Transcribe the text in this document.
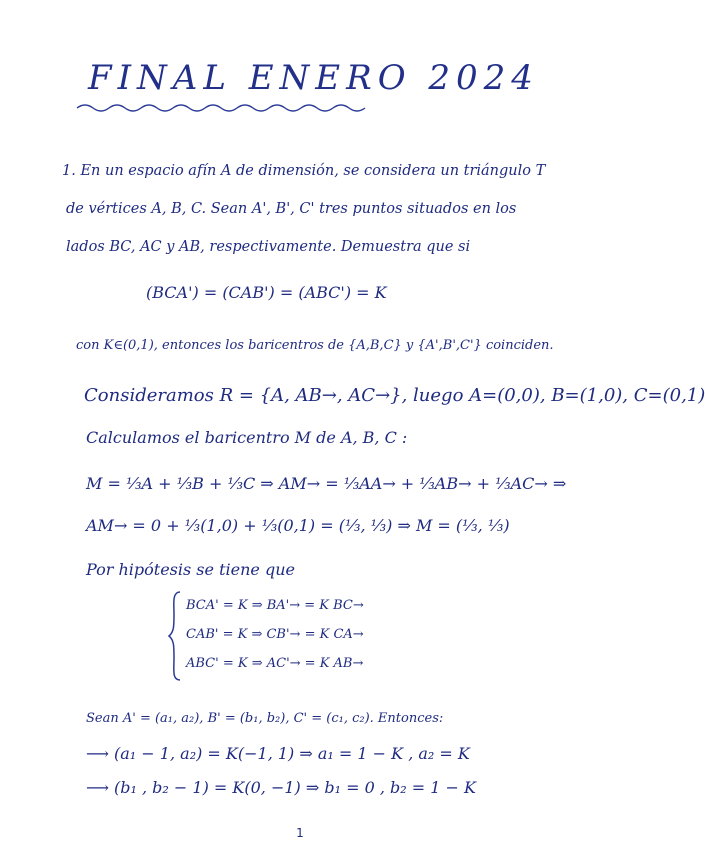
FINAL ENERO 2024
1. En un espacio afín A de dimensión, se considera un triángulo T
de vértices A, B, C. Sean A', B', C' tres puntos situados en los
lados BC, AC y AB, respectivamente. Demuestra que si
(BCA') = (CAB') = (ABC') = K
con K∈(0,1), entonces los baricentros de {A,B,C} y {A',B',C'} coinciden.
Consideramos R = {A, AB→, AC→}, luego A=(0,0), B=(1,0), C=(0,1)
Calculamos el baricentro M de A, B, C :
M = ⅓A + ⅓B + ⅓C ⇒ AM→ = ⅓AA→ + ⅓AB→ + ⅓AC→ ⇒
AM→ = 0 + ⅓(1,0) + ⅓(0,1) = (⅓, ⅓) ⇒ M = (⅓, ⅓)
Por hipótesis se tiene que
BCA' = K ⇒ BA'→ = K BC→
CAB' = K ⇒ CB'→ = K CA→
ABC' = K ⇒ AC'→ = K AB→
Sean A' = (a₁, a₂), B' = (b₁, b₂), C' = (c₁, c₂). Entonces:
⟶ (a₁ − 1, a₂) = K(−1, 1) ⇒ a₁ = 1 − K , a₂ = K
⟶ (b₁ , b₂ − 1) = K(0, −1) ⇒ b₁ = 0 , b₂ = 1 − K
1
